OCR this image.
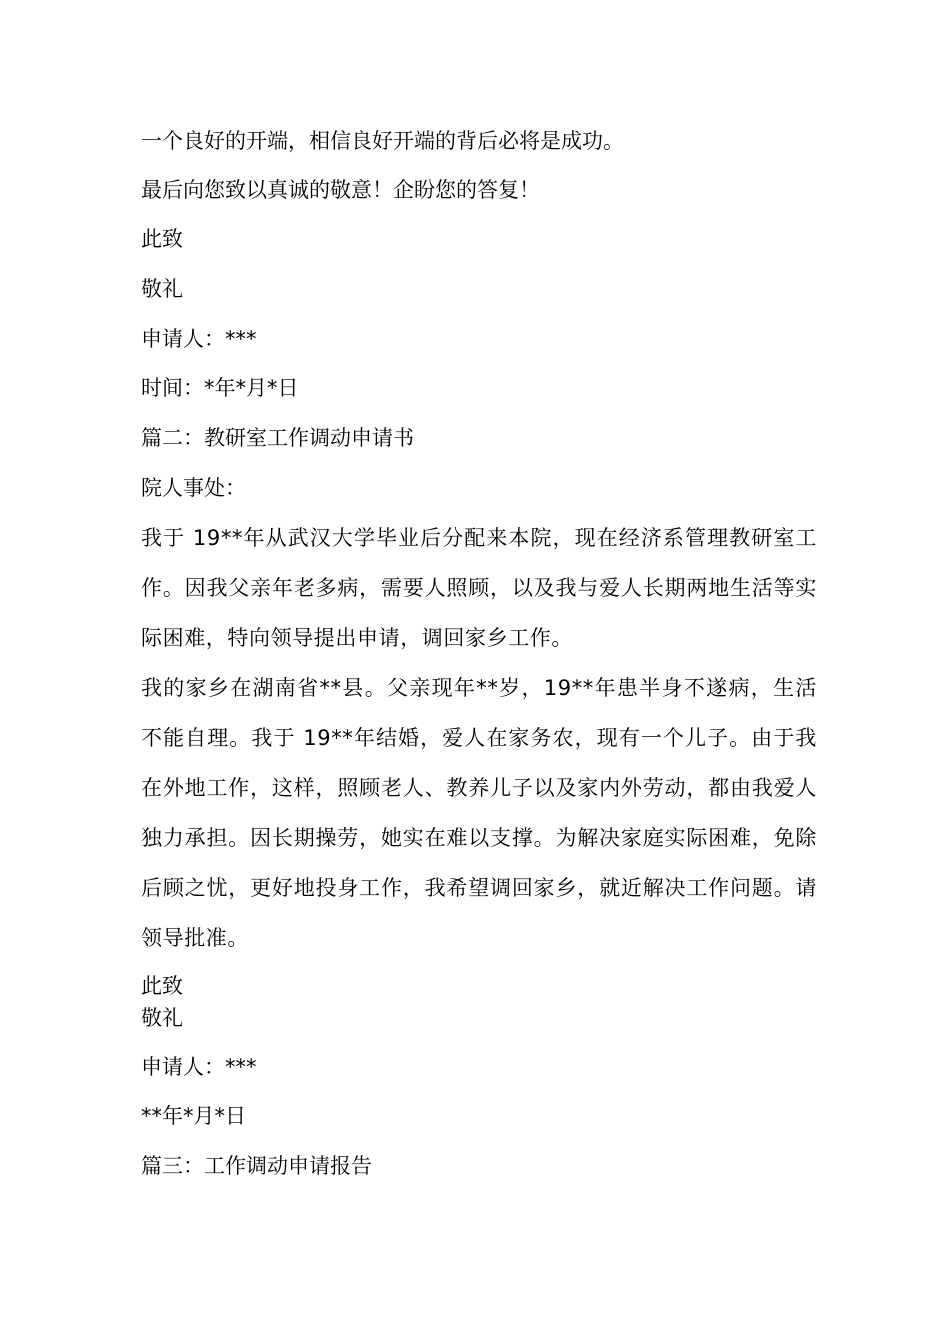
一个良好的开端，相信良好开端的背后必将是成功。
最后向您致以真诚的敬意！企盼您的答复！
此致
敬礼
申请人：***
时间：*年*月*日
篇二：教研室工作调动申请书
院人事处：
我于 19**年从武汉大学毕业后分配来本院，现在经济系管理教研室工作。因我父亲年老多病，需要人照顾，以及我与爱人长期两地生活等实际困难，特向领导提出申请，调回家乡工作。
我的家乡在湖南省**县。父亲现年**岁，19**年患半身不遂病，生活不能自理。我于 19**年结婚，爱人在家务农，现有一个儿子。由于我在外地工作，这样，照顾老人、教养儿子以及家内外劳动，都由我爱人独力承担。因长期操劳，她实在难以支撑。为解决家庭实际困难，免除后顾之忧，更好地投身工作，我希望调回家乡，就近解决工作问题。请领导批准。
此致
敬礼
申请人：***
**年*月*日
篇三：工作调动申请报告
